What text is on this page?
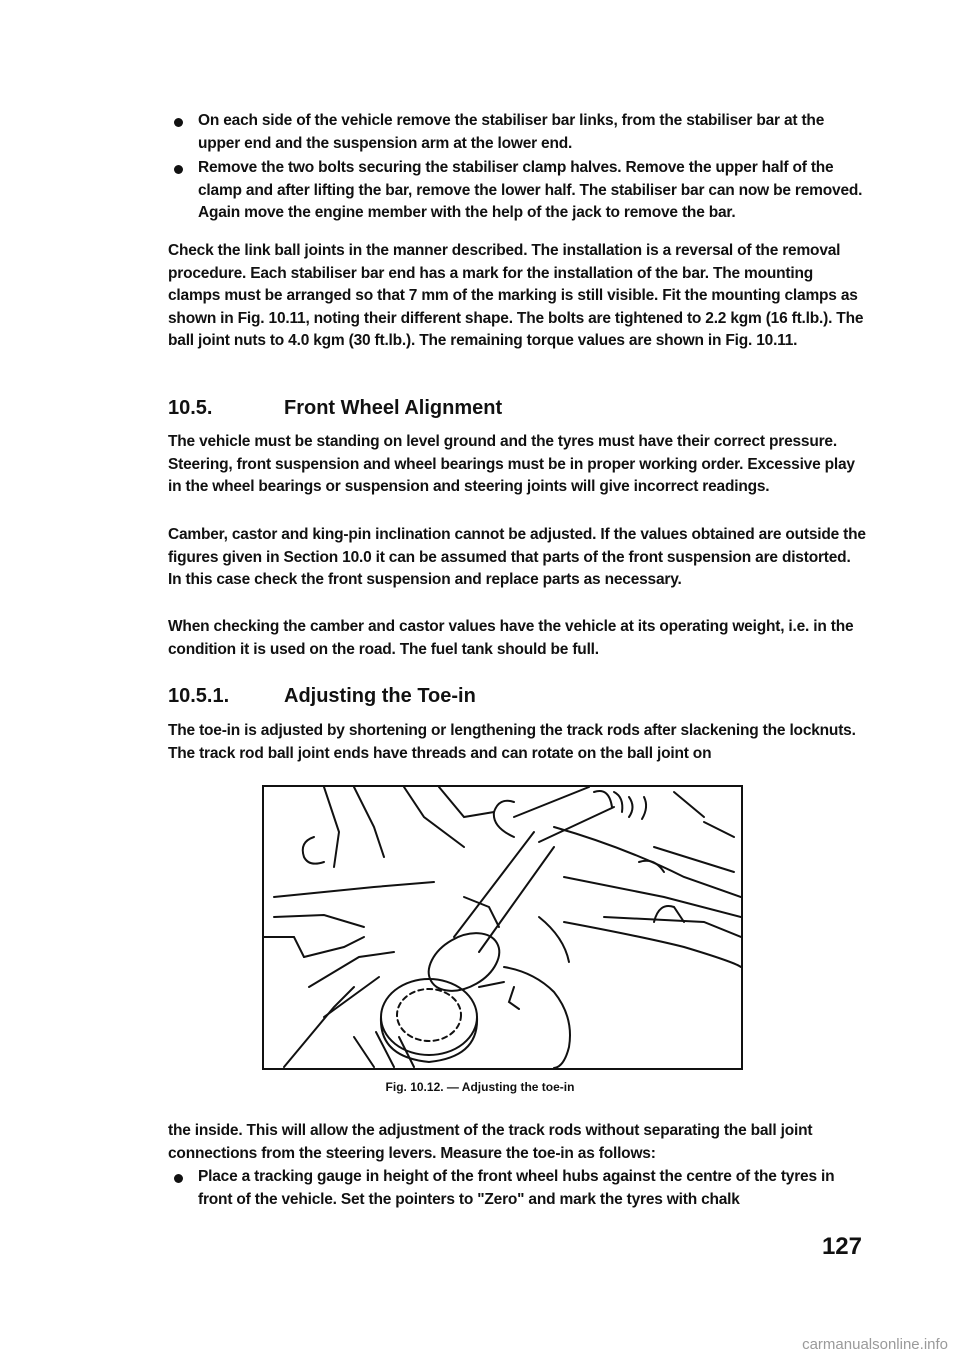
On each side of the vehicle remove the stabiliser bar links, from the stabiliser bar at the upper end and the suspension arm at the lower end.
Remove the two bolts securing the stabiliser clamp halves. Remove the upper half of the clamp and after lifting the bar, remove the lower half. The stabiliser bar can now be removed. Again move the engine member with the help of the jack to remove the bar.

Check the link ball joints in the manner described. The installation is a reversal of the removal procedure. Each stabiliser bar end has a mark for the installation of the bar. The mounting clamps must be arranged so that 7 mm of the marking is still visible. Fit the mounting clamps as shown in Fig. 10.11, noting their different shape. The bolts are tightened to 2.2 kgm (16 ft.lb.). The ball joint nuts to 4.0 kgm (30 ft.lb.). The remaining torque values are shown in Fig. 10.11.

10.5.	Front Wheel Alignment

The vehicle must be standing on level ground and the tyres must have their correct pressure. Steering, front suspension and wheel bearings must be in proper working order. Excessive play in the wheel bearings or suspension and steering joints will give incorrect readings.

Camber, castor and king-pin inclination cannot be adjusted. If the values obtained are outside the figures given in Section 10.0 it can be assumed that parts of the front suspension are distorted. In this case check the front suspension and replace parts as necessary.

When checking the camber and castor values have the vehicle at its operating weight, i.e. in the condition it is used on the road. The fuel tank should be full.

10.5.1.	Adjusting the Toe-in

The toe-in is adjusted by shortening or lengthening the track rods after slackening the locknuts. The track rod ball joint ends have threads and can rotate on the ball joint on

Fig. 10.12. — Adjusting the toe-in

the inside. This will allow the adjustment of the track rods without separating the ball joint connections from the steering levers. Measure the toe-in as follows:

Place a tracking gauge in height of the front wheel hubs against the centre of the tyres in front of the vehicle. Set the pointers to "Zero" and mark the tyres with chalk
127
carmanualsonline.info
